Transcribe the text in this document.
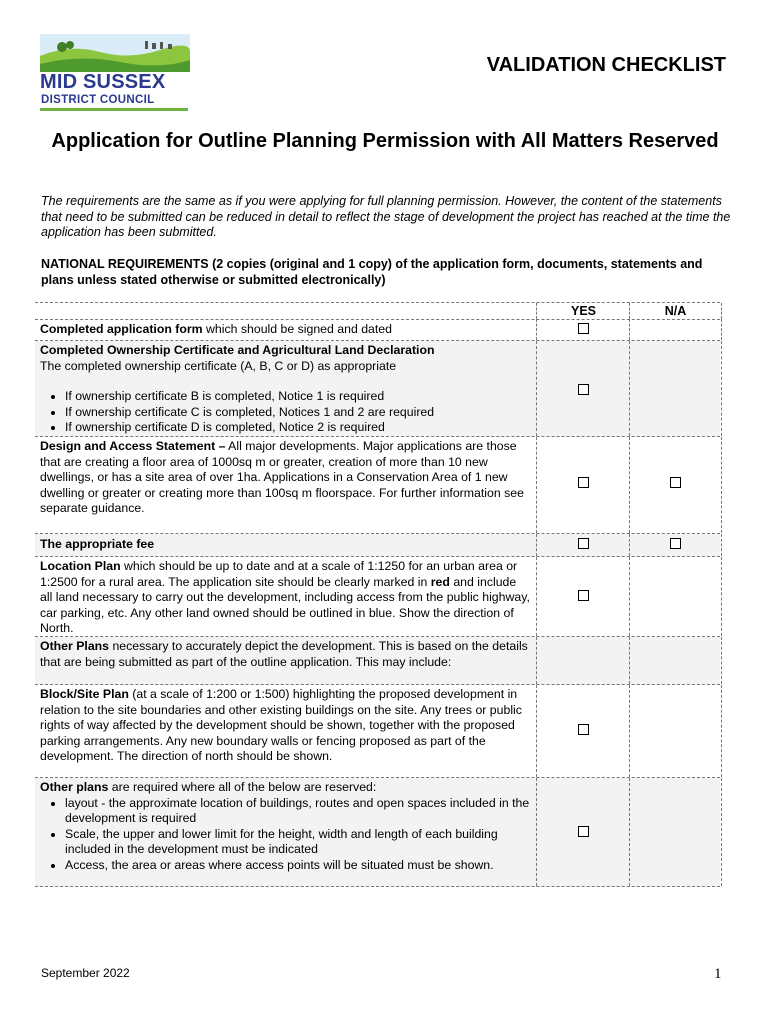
MID SUSSEX
DISTRICT COUNCIL
VALIDATION CHECKLIST
Application for Outline Planning Permission with All Matters Reserved
The requirements are the same as if you were applying for full planning permission. However, the content of the statements that need to be submitted can be reduced in detail to reflect the stage of development the project has reached at the time the application has been submitted.
NATIONAL REQUIREMENTS (2 copies (original and 1 copy) of the application form, documents, statements and plans unless stated otherwise or submitted electronically)
YES	N/A
Completed application form which should be signed and dated
Completed Ownership Certificate and Agricultural Land Declaration
The completed ownership certificate (A, B, C or D) as appropriate
• If ownership certificate B is completed, Notice 1 is required
• If ownership certificate C is completed, Notices 1 and 2 are required
• If ownership certificate D is completed, Notice 2 is required
Design and Access Statement – All major developments. Major applications are those that are creating a floor area of 1000sq m or greater, creation of more than 10 new dwellings, or has a site area of over 1ha. Applications in a Conservation Area of 1 new dwelling or greater or creating more than 100sq m floorspace. For further information see separate guidance.
The appropriate fee
Location Plan which should be up to date and at a scale of 1:1250 for an urban area or 1:2500 for a rural area. The application site should be clearly marked in red and include all land necessary to carry out the development, including access from the public highway, car parking, etc. Any other land owned should be outlined in blue. Show the direction of North.
Other Plans necessary to accurately depict the development. This is based on the details that are being submitted as part of the outline application. This may include:
Block/Site Plan (at a scale of 1:200 or 1:500) highlighting the proposed development in relation to the site boundaries and other existing buildings on the site. Any trees or public rights of way affected by the development should be shown, together with the proposed parking arrangements. Any new boundary walls or fencing proposed as part of the development. The direction of north should be shown.
Other plans are required where all of the below are reserved:
• layout - the approximate location of buildings, routes and open spaces included in the development is required
• Scale, the upper and lower limit for the height, width and length of each building included in the development must be indicated
• Access, the area or areas where access points will be situated must be shown.
September 2022	1
